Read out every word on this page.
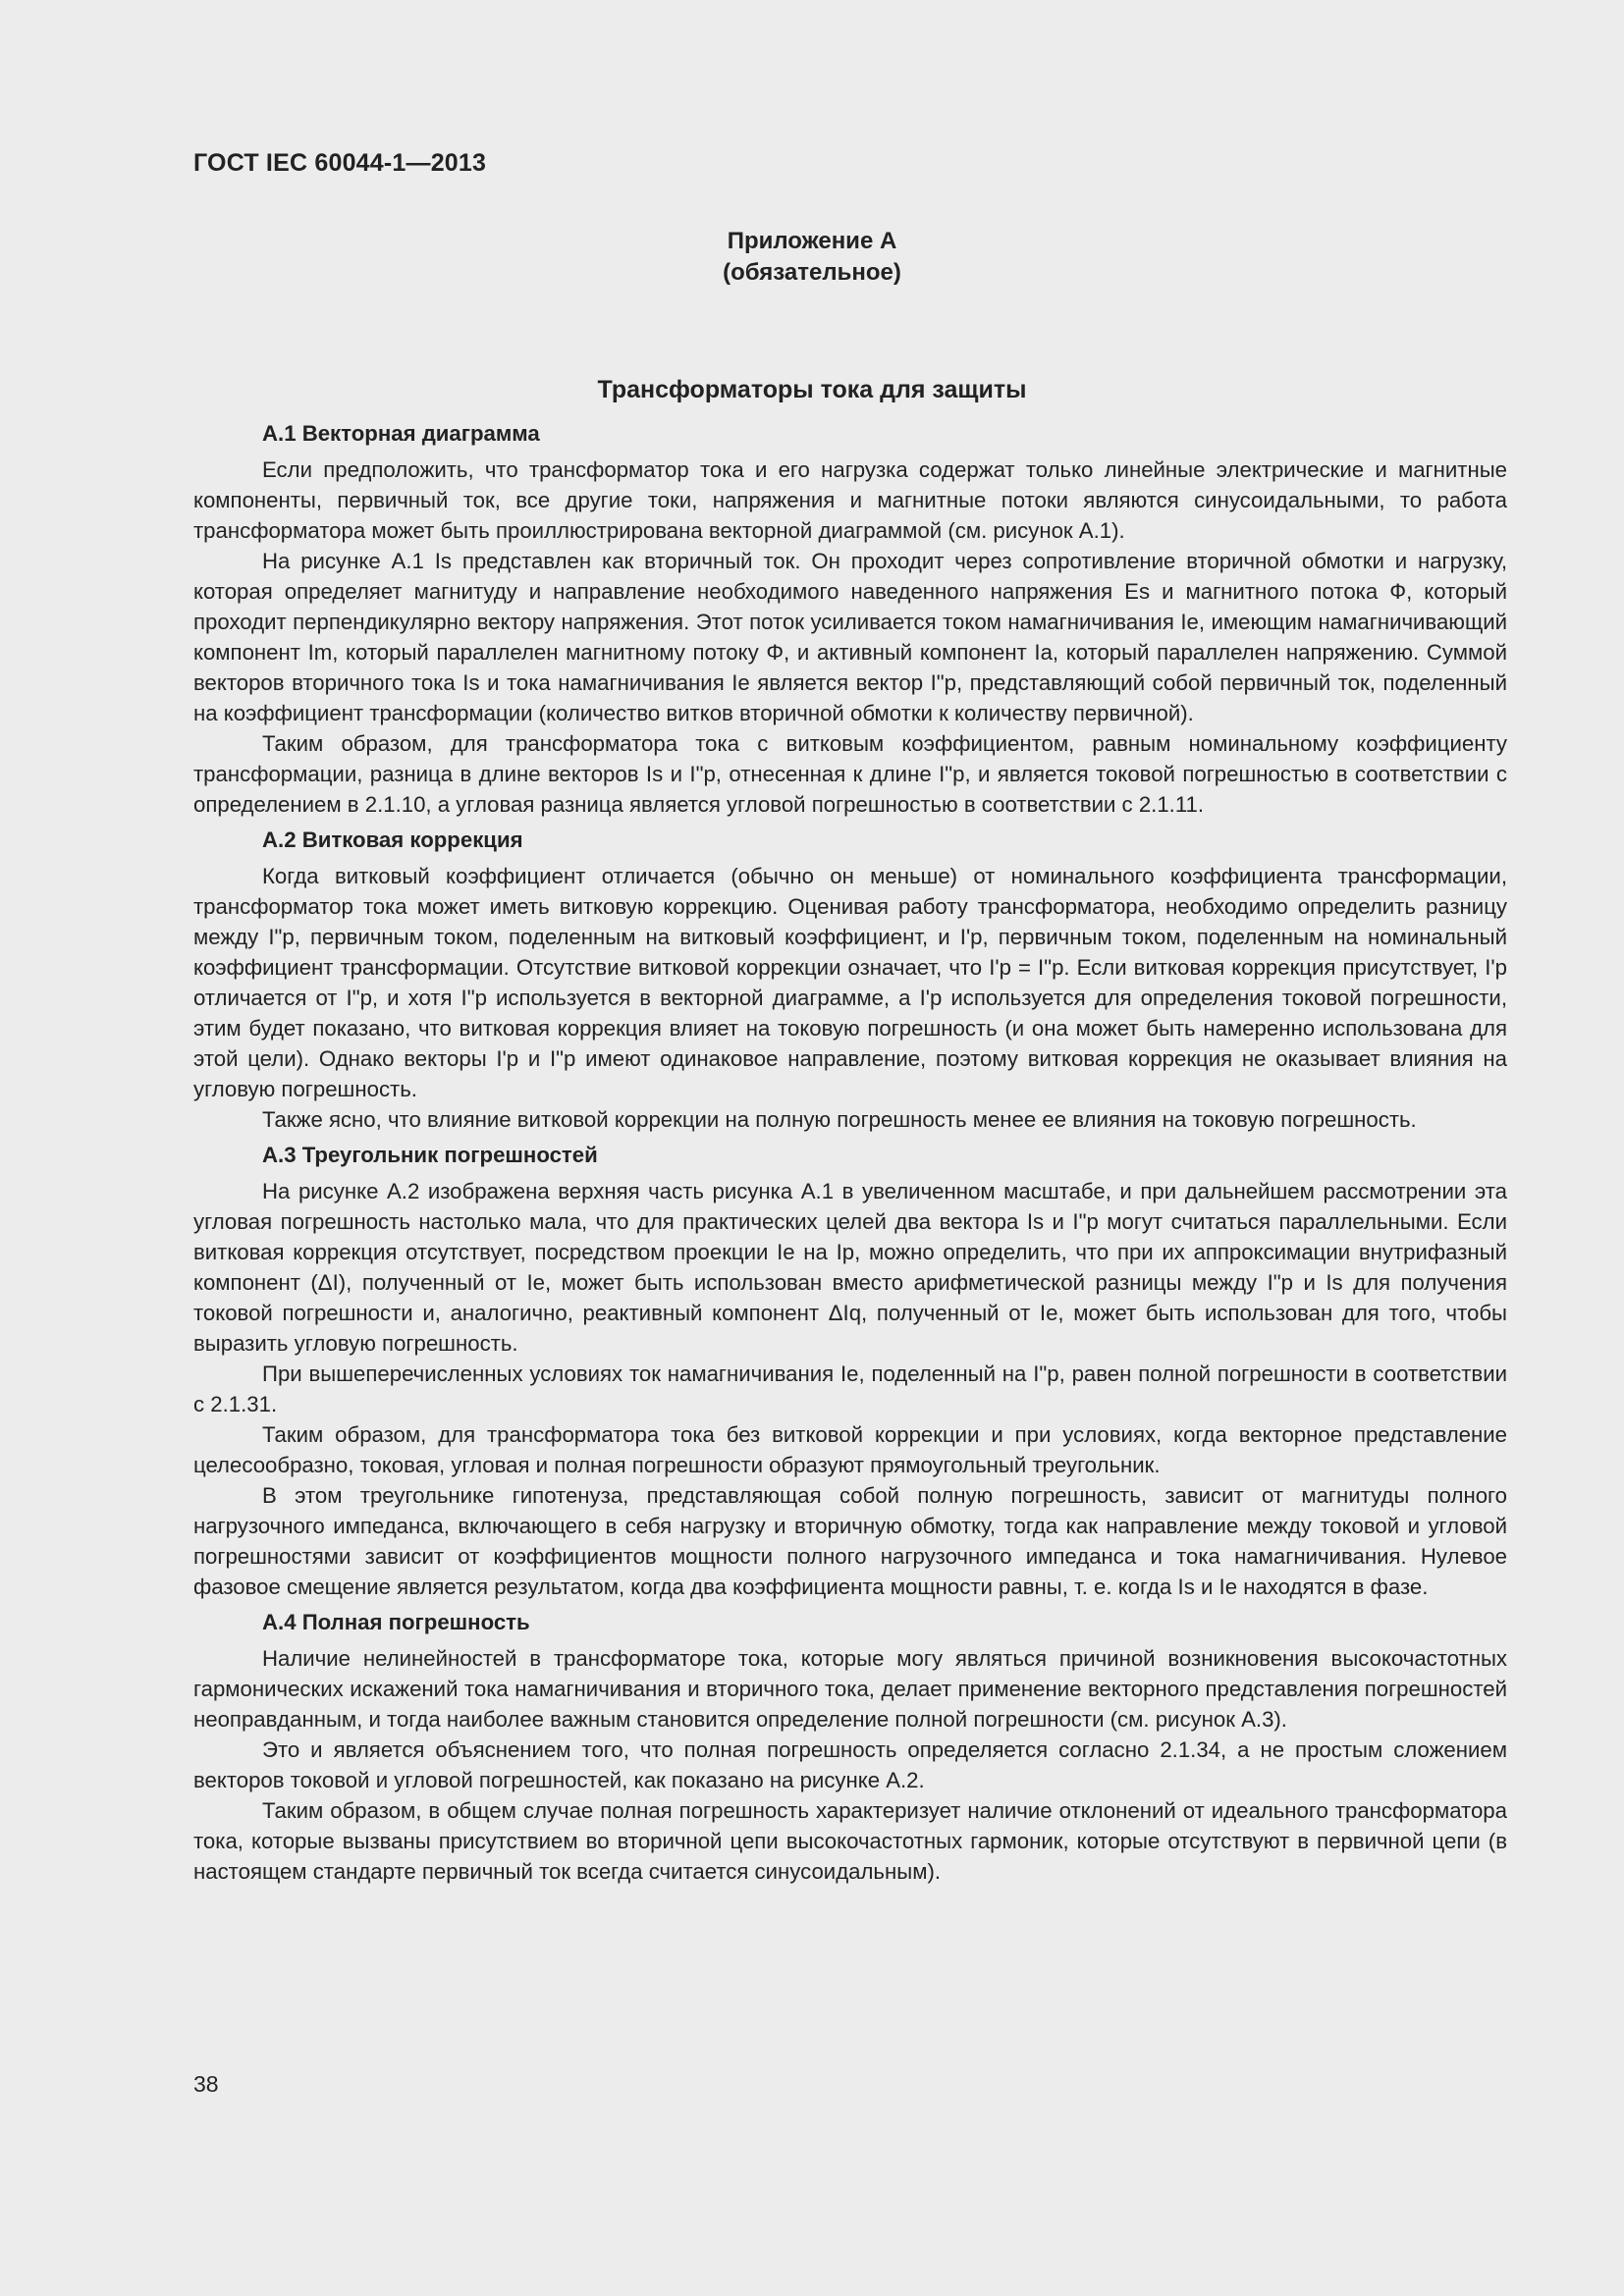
ГОСТ IEC 60044-1—2013
Приложение А
(обязательное)
Трансформаторы тока для защиты
А.1 Векторная диаграмма

Если предположить, что трансформатор тока и его нагрузка содержат только линейные электрические и магнитные компоненты, первичный ток, все другие токи, напряжения и магнитные потоки являются синусоидальными, то работа трансформатора может быть проиллюстрирована векторной диаграммой (см. рисунок А.1).

На рисунке А.1 Is представлен как вторичный ток. Он проходит через сопротивление вторичной обмотки и нагрузку, которая определяет магнитуду и направление необходимого наведенного напряжения Es и магнитного потока Ф, который проходит перпендикулярно вектору напряжения. Этот поток усиливается током намагничивания Ie, имеющим намагничивающий компонент Im, который параллелен магнитному потоку Φ, и активный компонент Ia, который параллелен напряжению. Суммой векторов вторичного тока Is и тока намагничивания Ie является вектор I"p, представляющий собой первичный ток, поделенный на коэффициент трансформации (количество витков вторичной обмотки к количеству первичной).

Таким образом, для трансформатора тока с витковым коэффициентом, равным номинальному коэффициенту трансформации, разница в длине векторов Is и I"p, отнесенная к длине I"p, и является токовой погрешностью в соответствии с определением в 2.1.10, а угловая разница является угловой погрешностью в соответствии с 2.1.11.

А.2 Витковая коррекция

Когда витковый коэффициент отличается (обычно он меньше) от номинального коэффициента трансформации, трансформатор тока может иметь витковую коррекцию. Оценивая работу трансформатора, необходимо определить разницу между I"p, первичным током, поделенным на витковый коэффициент, и I'p, первичным током, поделенным на номинальный коэффициент трансформации. Отсутствие витковой коррекции означает, что I'p = I"p. Если витковая коррекция присутствует, I'p отличается от I"p, и хотя I"p используется в векторной диаграмме, а I'p используется для определения токовой погрешности, этим будет показано, что витковая коррекция влияет на токовую погрешность (и она может быть намеренно использована для этой цели). Однако векторы I'p и I"p имеют одинаковое направление, поэтому витковая коррекция не оказывает влияния на угловую погрешность.

Также ясно, что влияние витковой коррекции на полную погрешность менее ее влияния на токовую погрешность.

А.3 Треугольник погрешностей

На рисунке А.2 изображена верхняя часть рисунка А.1 в увеличенном масштабе, и при дальнейшем рассмотрении эта угловая погрешность настолько мала, что для практических целей два вектора Is и I"p могут считаться параллельными. Если витковая коррекция отсутствует, посредством проекции Ie на Ip, можно определить, что при их аппроксимации внутрифазный компонент (ΔI), полученный от Ie, может быть использован вместо арифметической разницы между I"p и Is для получения токовой погрешности и, аналогично, реактивный компонент ΔIq, полученный от Ie, может быть использован для того, чтобы выразить угловую погрешность.

При вышеперечисленных условиях ток намагничивания Ie, поделенный на I"p, равен полной погрешности в соответствии с 2.1.31.

Таким образом, для трансформатора тока без витковой коррекции и при условиях, когда векторное представление целесообразно, токовая, угловая и полная погрешности образуют прямоугольный треугольник.

В этом треугольнике гипотенуза, представляющая собой полную погрешность, зависит от магнитуды полного нагрузочного импеданса, включающего в себя нагрузку и вторичную обмотку, тогда как направление между токовой и угловой погрешностями зависит от коэффициентов мощности полного нагрузочного импеданса и тока намагничивания. Нулевое фазовое смещение является результатом, когда два коэффициента мощности равны, т. е. когда Is и Ie находятся в фазе.

А.4 Полная погрешность

Наличие нелинейностей в трансформаторе тока, которые могу являться причиной возникновения высокочастотных гармонических искажений тока намагничивания и вторичного тока, делает применение векторного представления погрешностей неоправданным, и тогда наиболее важным становится определение полной погрешности (см. рисунок А.3).

Это и является объяснением того, что полная погрешность определяется согласно 2.1.34, а не простым сложением векторов токовой и угловой погрешностей, как показано на рисунке А.2.

Таким образом, в общем случае полная погрешность характеризует наличие отклонений от идеального трансформатора тока, которые вызваны присутствием во вторичной цепи высокочастотных гармоник, которые отсутствуют в первичной цепи (в настоящем стандарте первичный ток всегда считается синусоидальным).

38
